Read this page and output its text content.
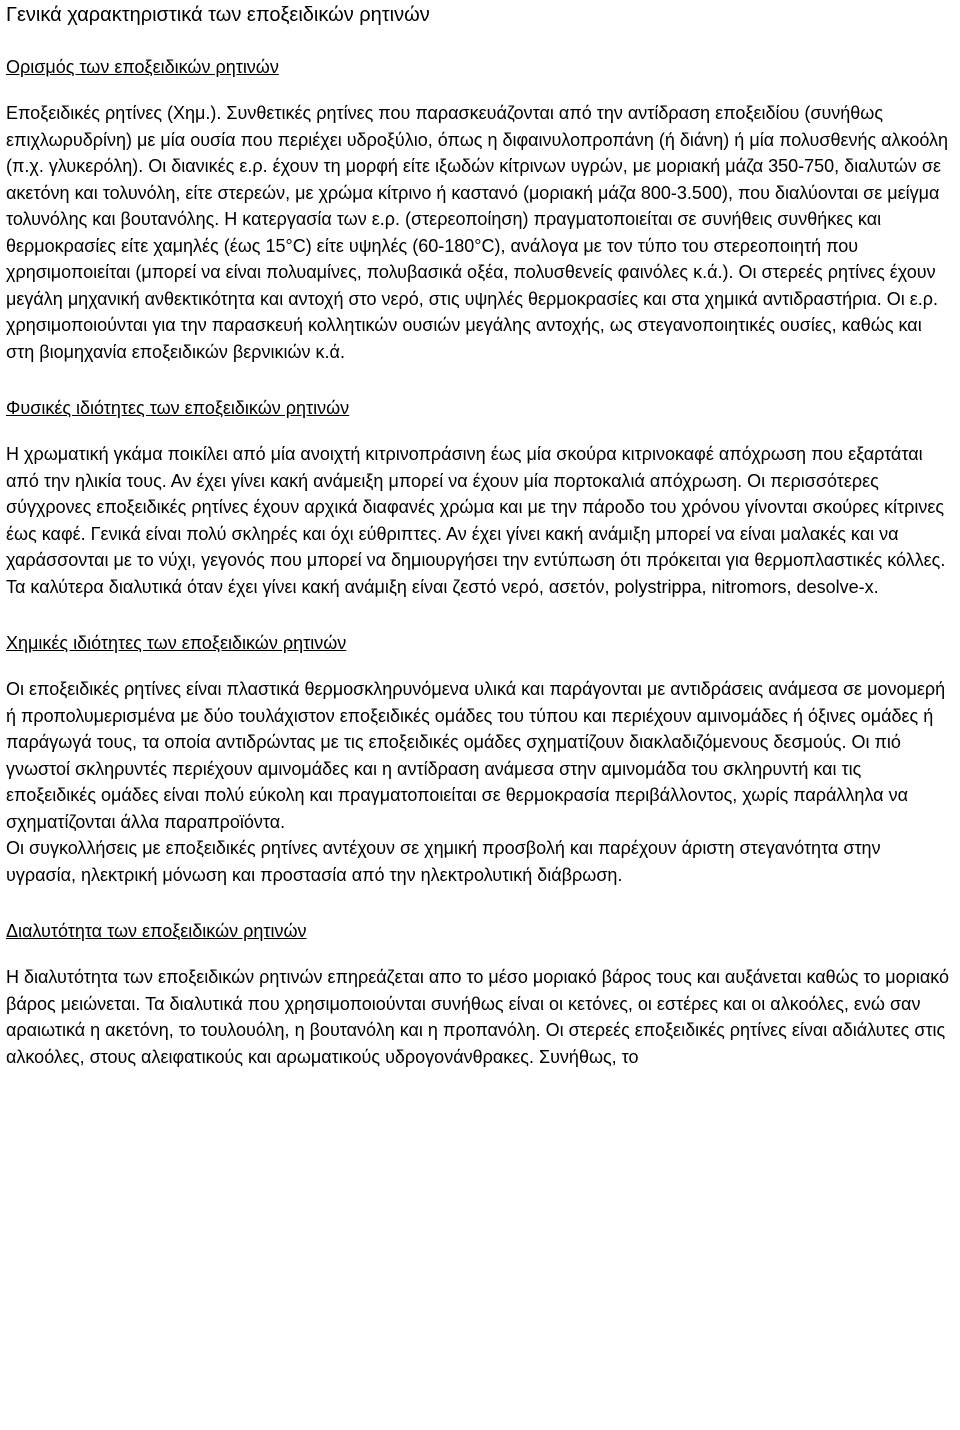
Γενικά χαρακτηριστικά των εποξειδικών ρητινών

Ορισμός των εποξειδικών ρητινών

Εποξειδικές ρητίνες (Χημ.). Συνθετικές ρητίνες που παρασκευάζονται από την αντίδραση εποξειδίου (συνήθως επιχλωρυδρίνη) με μία ουσία που περιέχει υδροξύλιο, όπως η διφαινυλοπροπάνη (ή διάνη) ή μία πολυσθενής αλκοόλη (π.χ. γλυκερόλη). Οι διανικές ε.ρ. έχουν τη μορφή είτε ιξωδών κίτρινων υγρών, με μοριακή μάζα 350-750, διαλυτών σε ακετόνη και τολυνόλη, είτε στερεών, με χρώμα κίτρινο ή καστανό (μοριακή μάζα 800-3.500), που διαλύονται σε μείγμα τολυνόλης και βουτανόλης. Η κατεργασία των ε.ρ. (στερεοποίηση) πραγματοποιείται σε συνήθεις συνθήκες και θερμοκρασίες είτε χαμηλές (έως 15°C) είτε υψηλές (60-180°C), ανάλογα με τον τύπο του στερεοποιητή που χρησιμοποιείται (μπορεί να είναι πολυαμίνες, πολυβασικά οξέα, πολυσθενείς φαινόλες κ.ά.). Οι στερεές ρητίνες έχουν μεγάλη μηχανική ανθεκτικότητα και αντοχή στο νερό, στις υψηλές θερμοκρασίες και στα χημικά αντιδραστήρια. Οι ε.ρ. χρησιμοποιούνται για την παρασκευή κολλητικών ουσιών μεγάλης αντοχής, ως στεγανοποιητικές ουσίες, καθώς και στη βιομηχανία εποξειδικών βερνικιών κ.ά.

Φυσικές ιδιότητες των εποξειδικών ρητινών

Η χρωματική γκάμα ποικίλει από μία ανοιχτή κιτρινοπράσινη έως μία σκούρα κιτρινοκαφέ απόχρωση που εξαρτάται από την ηλικία τους. Αν έχει γίνει κακή ανάμειξη μπορεί να έχουν μία πορτοκαλιά απόχρωση. Οι περισσότερες σύγχρονες εποξειδικές ρητίνες έχουν αρχικά διαφανές χρώμα και με την πάροδο του χρόνου γίνονται σκούρες κίτρινες έως καφέ. Γενικά είναι πολύ σκληρές και όχι εύθριπτες. Αν έχει γίνει κακή ανάμιξη μπορεί να είναι μαλακές και να χαράσσονται με το νύχι, γεγονός που μπορεί να δημιουργήσει την εντύπωση ότι πρόκειται για θερμοπλαστικές κόλλες. Τα καλύτερα διαλυτικά όταν έχει γίνει κακή ανάμιξη είναι ζεστό νερό, ασετόν, polystrippa, nitromors, desolve-x.

Χημικές ιδιότητες των εποξειδικών ρητινών

Οι εποξειδικές ρητίνες είναι πλαστικά θερμοσκληρυνόμενα υλικά και παράγονται με αντιδράσεις ανάμεσα σε μονομερή ή προπολυμερισμένα με δύο τουλάχιστον εποξειδικές ομάδες του τύπου και περιέχουν αμινομάδες ή όξινες ομάδες ή παράγωγά τους, τα οποία αντιδρώντας με τις εποξειδικές ομάδες σχηματίζουν διακλαδιζόμενους δεσμούς. Οι πιό γνωστοί σκληρυντές περιέχουν αμινομάδες και η αντίδραση ανάμεσα στην αμινομάδα του σκληρυντή και τις εποξειδικές ομάδες είναι πολύ εύκολη και πραγματοποιείται σε θερμοκρασία περιβάλλοντος, χωρίς παράλληλα να σχηματίζονται άλλα παραπροϊόντα.

Οι συγκολλήσεις με εποξειδικές ρητίνες αντέχουν σε χημική προσβολή και παρέχουν άριστη στεγανότητα στην υγρασία, ηλεκτρική μόνωση και προστασία από την ηλεκτρολυτική διάβρωση.

Διαλυτότητα των εποξειδικών ρητινών

Η διαλυτότητα των εποξειδικών ρητινών επηρεάζεται απο το μέσο μοριακό βάρος τους και αυξάνεται καθώς το μοριακό βάρος μειώνεται. Τα διαλυτικά που χρησιμοποιούνται συνήθως είναι οι κετόνες, οι εστέρες και οι αλκοόλες, ενώ σαν αραιωτικά η ακετόνη, το τουλουόλη, η βουτανόλη και η προπανόλη. Οι στερεές εποξειδικές ρητίνες είναι αδιάλυτες στις αλκοόλες, στους αλειφατικούς και αρωματικούς υδρογονάνθρακες. Συνήθως, το
